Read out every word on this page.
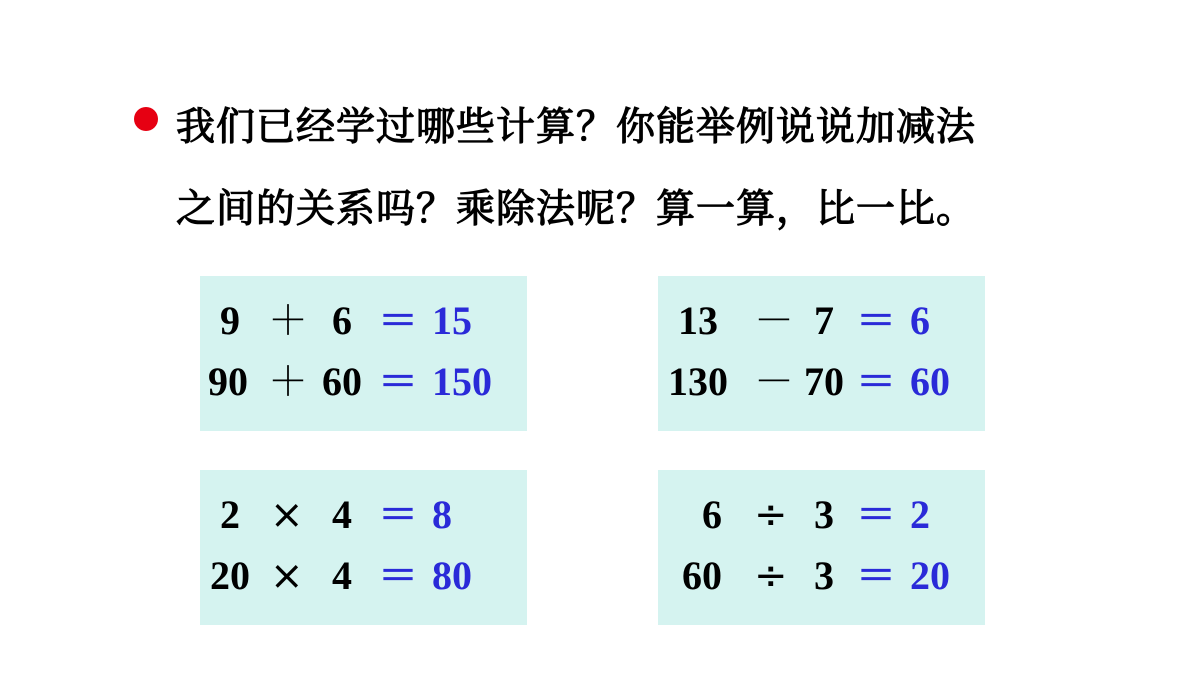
我们已经学过哪些计算？你能举例说说加减法
之间的关系吗？乘除法呢？算一算，比一比。
9 ＋ 6 ＝ 15
90 ＋ 60 ＝ 150
13 － 7 ＝ 6
130 － 70 ＝ 60
2 × 4 ＝ 8
20 × 4 ＝ 80
6 ÷ 3 ＝ 2
60 ÷ 3 ＝ 20
